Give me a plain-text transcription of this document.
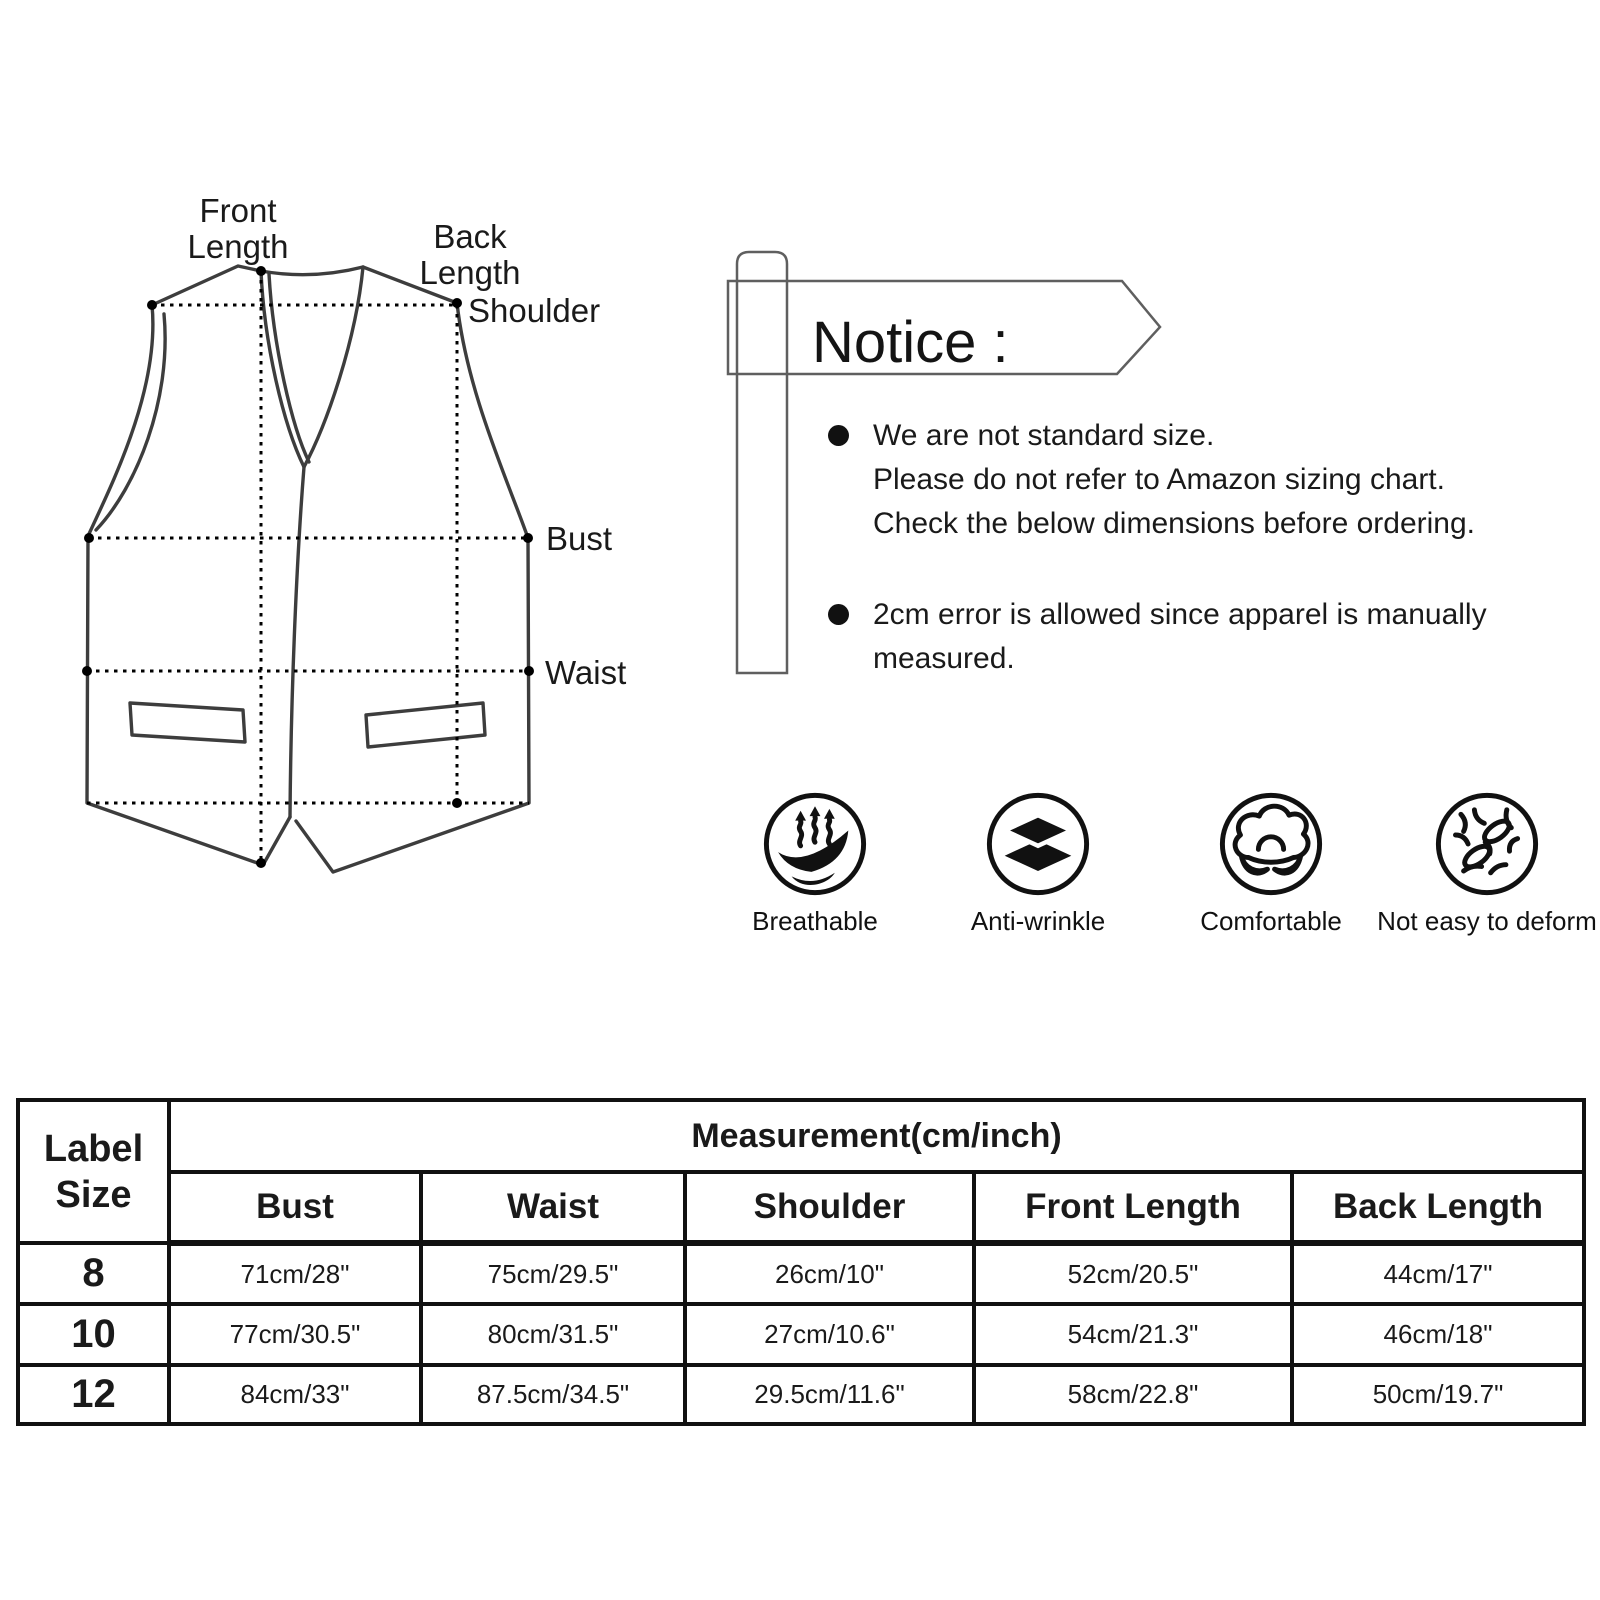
Front
Length	Back
Length
Shoulder
Bust
Waist
Notice :
We are not standard size.
Please do not refer to Amazon sizing chart.
Check the below dimensions before ordering.
2cm error is allowed since apparel is manually
measured.
Breathable	Anti-wrinkle	Comfortable	Not easy to deform
Label
Size	Measurement(cm/inch)				
	Bust	Waist	Shoulder	Front Length	Back Length
8	71cm/28"	75cm/29.5"	26cm/10"	52cm/20.5"	44cm/17"
10	77cm/30.5"	80cm/31.5"	27cm/10.6"	54cm/21.3"	46cm/18"
12	84cm/33"	87.5cm/34.5"	29.5cm/11.6"	58cm/22.8"	50cm/19.7"
